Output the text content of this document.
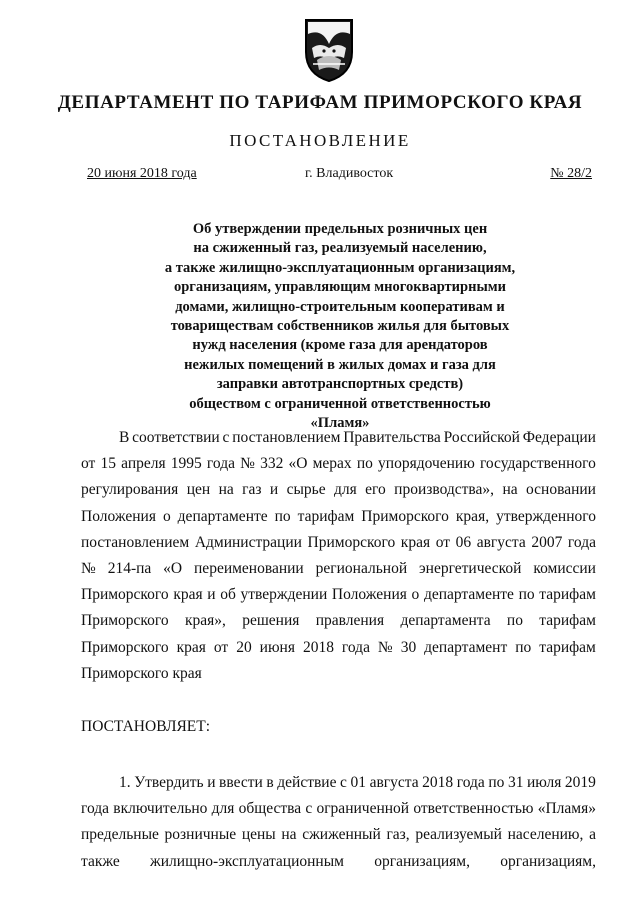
ДЕПАРТАМЕНТ ПО ТАРИФАМ ПРИМОРСКОГО КРАЯ
ПОСТАНОВЛЕНИЕ
20 июня 2018 года	г. Владивосток	№ 28/2
Об утверждении предельных розничных цен
на сжиженный газ, реализуемый населению,
а также жилищно-эксплуатационным организациям,
организациям, управляющим многоквартирными
домами, жилищно-строительным кооперативам и
товариществам собственников жилья для бытовых
нужд населения (кроме газа для арендаторов
нежилых помещений в жилых домах и газа для
заправки автотранспортных средств)
обществом с ограниченной ответственностью
«Пламя»
В соответствии с постановлением Правительства Российской Федерации
от 15 апреля 1995 года № 332 «О мерах по упорядочению государственного
регулирования цен на газ и сырье для его производства», на основании
Положения о департаменте по тарифам Приморского края, утвержденного
постановлением Администрации Приморского края от 06 августа 2007 года
№ 214-па «О переименовании региональной энергетической комиссии
Приморского края и об утверждении Положения о департаменте по тарифам
Приморского края», решения правления департамента по тарифам
Приморского края от 20 июня 2018 года № 30 департамент по тарифам
Приморского края
ПОСТАНОВЛЯЕТ:
1. Утвердить и ввести в действие с 01 августа 2018 года по 31 июля 2019
года включительно для общества с ограниченной ответственностью «Пламя»
предельные розничные цены на сжиженный газ, реализуемый населению, а
также жилищно-эксплуатационным организациям, организациям,
